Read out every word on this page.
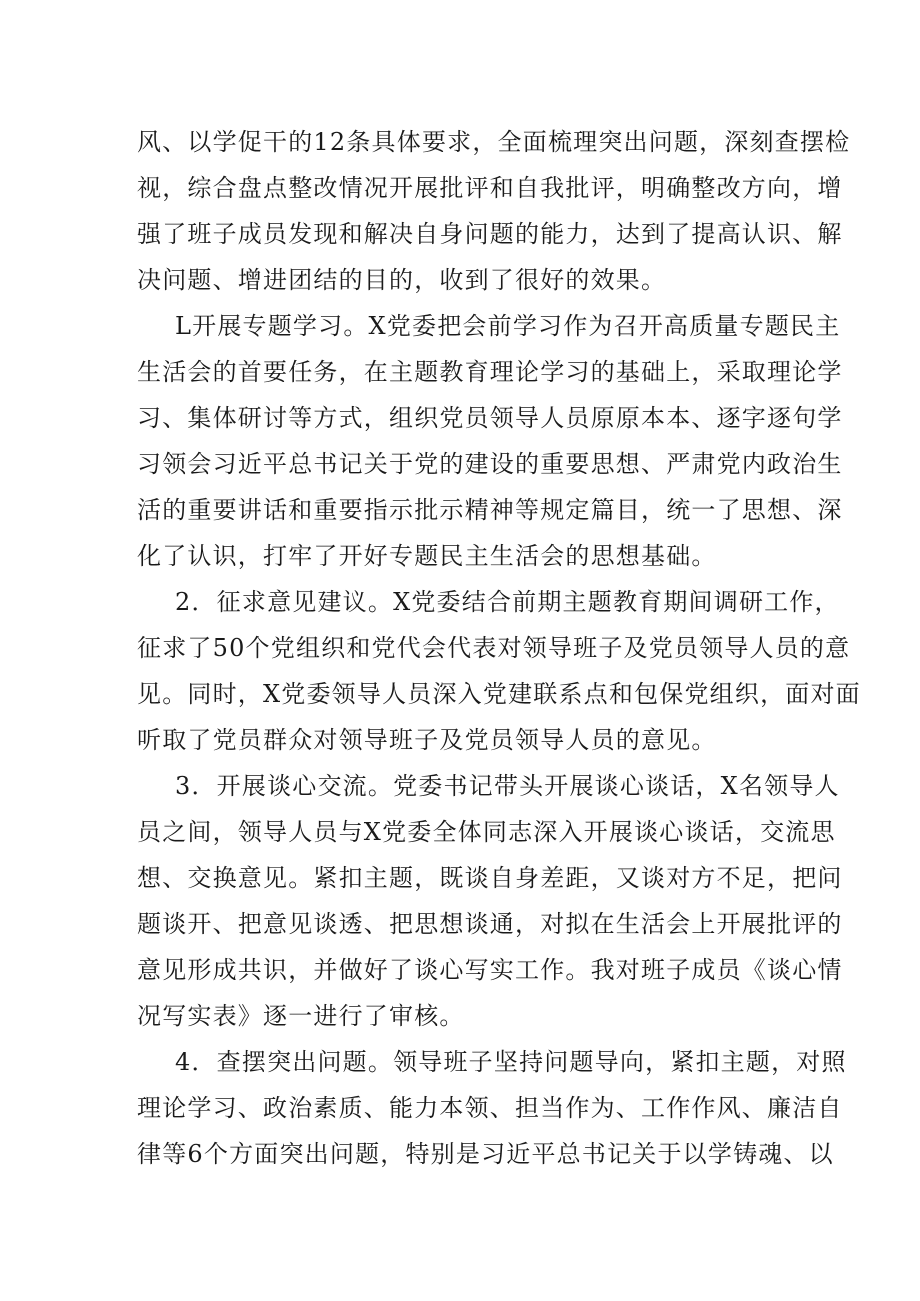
风、以学促干的12条具体要求，全面梳理突出问题，深刻查摆检
视，综合盘点整改情况开展批评和自我批评，明确整改方向，增
强了班子成员发现和解决自身问题的能力，达到了提高认识、解
决问题、增进团结的目的，收到了很好的效果。
L开展专题学习。X党委把会前学习作为召开高质量专题民主
生活会的首要任务，在主题教育理论学习的基础上，采取理论学
习、集体研讨等方式，组织党员领导人员原原本本、逐字逐句学
习领会习近平总书记关于党的建设的重要思想、严肃党内政治生
活的重要讲话和重要指示批示精神等规定篇目，统一了思想、深
化了认识，打牢了开好专题民主生活会的思想基础。
2．征求意见建议。X党委结合前期主题教育期间调研工作，
征求了50个党组织和党代会代表对领导班子及党员领导人员的意
见。同时，X党委领导人员深入党建联系点和包保党组织，面对面
听取了党员群众对领导班子及党员领导人员的意见。
3．开展谈心交流。党委书记带头开展谈心谈话，X名领导人
员之间，领导人员与X党委全体同志深入开展谈心谈话，交流思
想、交换意见。紧扣主题，既谈自身差距，又谈对方不足，把问
题谈开、把意见谈透、把思想谈通，对拟在生活会上开展批评的
意见形成共识，并做好了谈心写实工作。我对班子成员《谈心情
况写实表》逐一进行了审核。
4．查摆突出问题。领导班子坚持问题导向，紧扣主题，对照
理论学习、政治素质、能力本领、担当作为、工作作风、廉洁自
律等6个方面突出问题，特别是习近平总书记关于以学铸魂、以
